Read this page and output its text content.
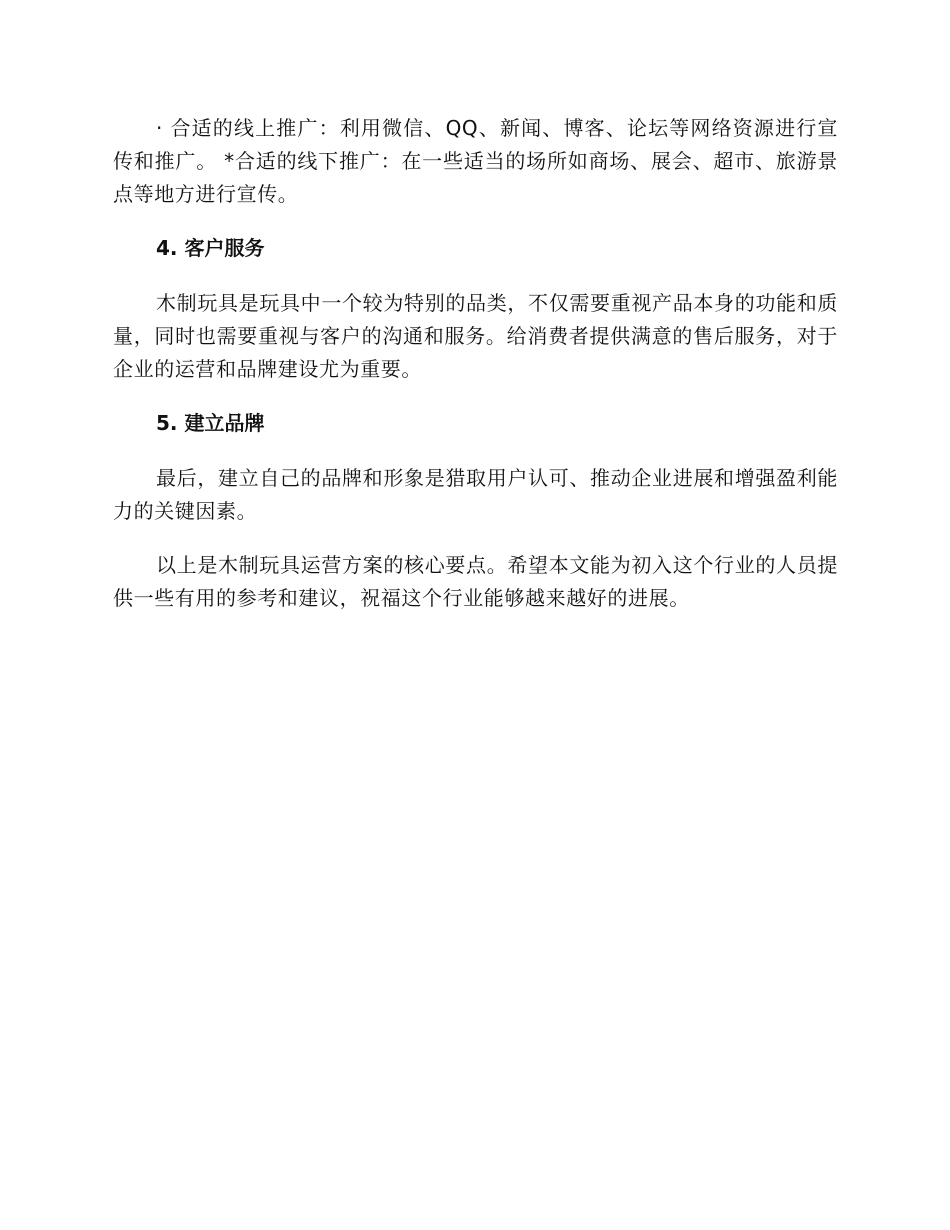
· 合适的线上推广：利用微信、QQ、新闻、博客、论坛等网络资源进行宣传和推广。 *合适的线下推广：在一些适当的场所如商场、展会、超市、旅游景点等地方进行宣传。

4. 客户服务

木制玩具是玩具中一个较为特别的品类，不仅需要重视产品本身的功能和质量，同时也需要重视与客户的沟通和服务。给消费者提供满意的售后服务，对于企业的运营和品牌建设尤为重要。

5. 建立品牌

最后，建立自己的品牌和形象是猎取用户认可、推动企业进展和增强盈利能力的关键因素。

以上是木制玩具运营方案的核心要点。希望本文能为初入这个行业的人员提供一些有用的参考和建议，祝福这个行业能够越来越好的进展。
